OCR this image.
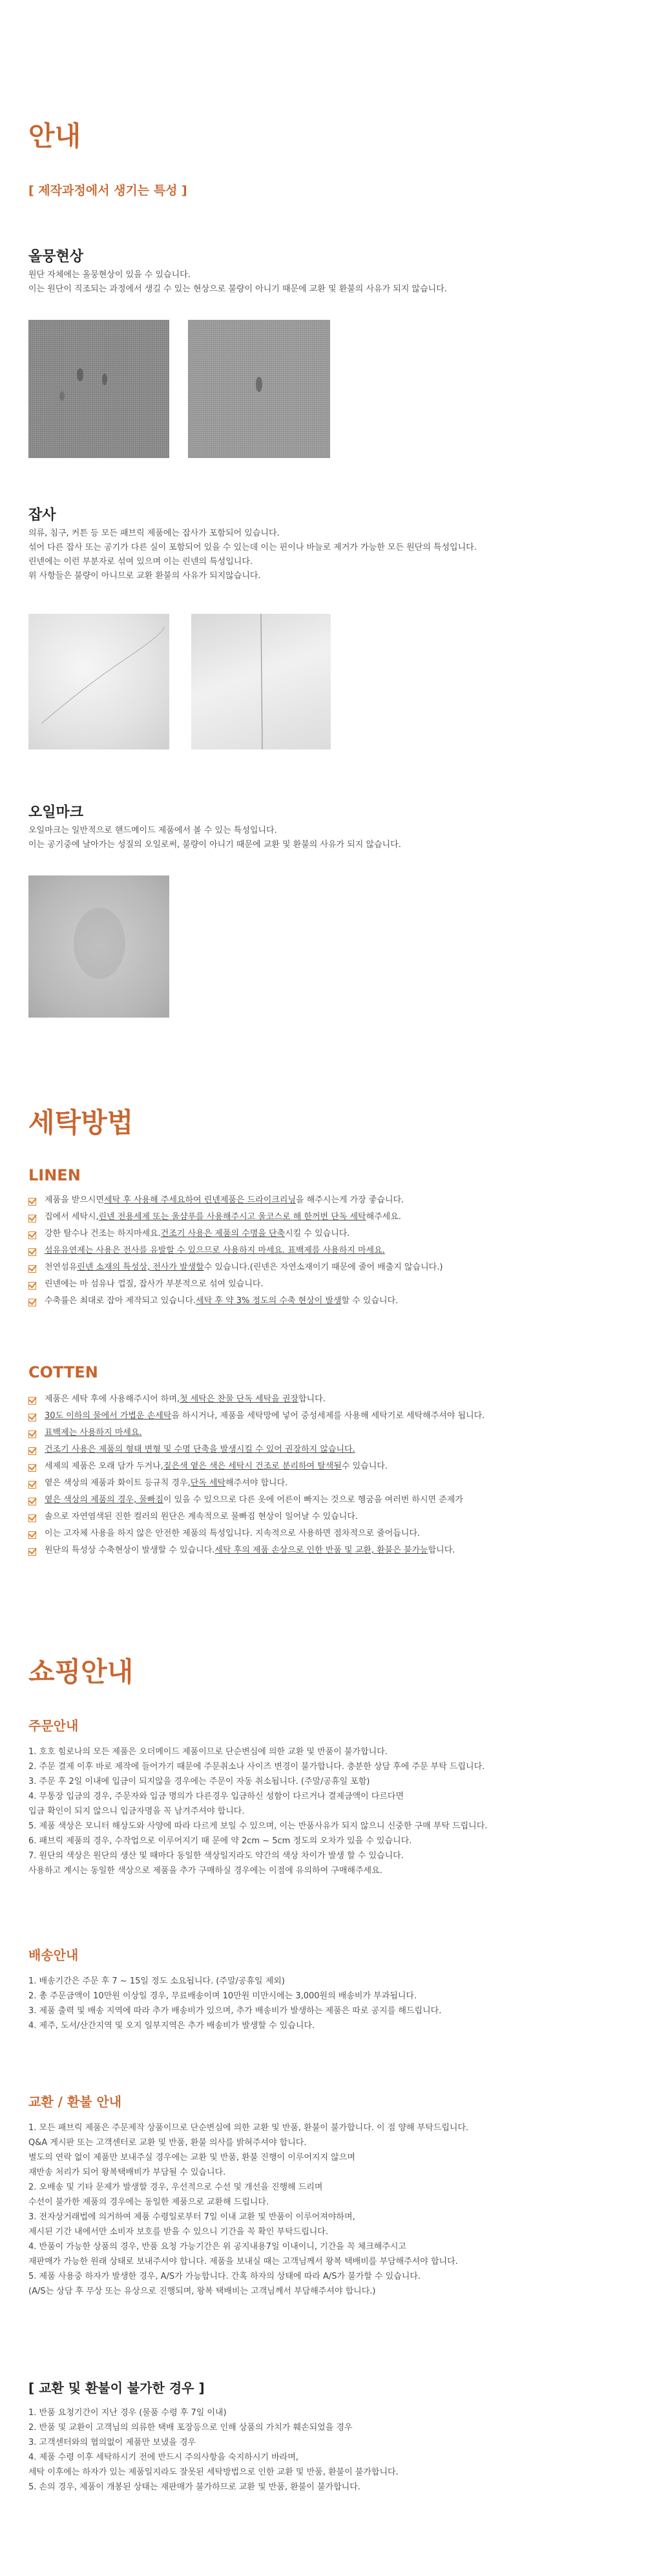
안내
[ 제작과정에서 생기는 특성 ]
올뭉현상
원단 자체에는 올뭉현상이 있을 수 있습니다.
이는 원단이 직조되는 과정에서 생길 수 있는 현상으로 불량이 아니기 때문에 교환 및 환불의 사유가 되지 않습니다.
잡사
의류, 침구, 커튼 등 모든 패브릭 제품에는 잡사가 포함되어 있습니다.
섞어 다른 잡사 또는 공기가 다른 실이 포함되어 있을 수 있는데 이는 핀이나 바늘로 제거가 가능한 모든 원단의 특성입니다.
린넨에는 이런 부분자로 섞여 있으며 이는 린넨의 특성입니다.
위 사항들은 불량이 아니므로 교환 환불의 사유가 되지않습니다.
오일마크
오일마크는 일반적으로 핸드메이드 제품에서 볼 수 있는 특성입니다.
이는 공기중에 날아가는 성질의 오일로써, 불량이 아니기 때문에 교환 및 환불의 사유가 되지 않습니다.
세탁방법
LINEN
제품을 받으시면 세탁 후 사용해 주세요하여 린넨제품은 드라이크리닝 을 해주시는게 가장 좋습니다.
집에서 세탁시, 린넨 전용세제 또는 울샴푸를 사용해주시고 울코스로 해 한꺼번 단독 세탁 해주세요.
강한 탈수나 건조는 하지마세요. 건조기 사용은 제품의 수명을 단축 시킬 수 있습니다.
섬유유연제는 사용은 전사를 유발할 수 있으므로 사용하지 마세요. 표백제를 사용하지 마세요.
천연섬유 린넨 소재의 특성상, 전사가 발생할 수 있습니다.(린넨은 자연소재이기 때문에 줄어 배출지 않습니다.)
린넨에는 마 섬유나 껍질, 잡사가 부분적으로 섞여 있습니다.
수축률은 최대로 잡아 제작되고 있습니다. 세탁 후 약 3% 정도의 수축 현상이 발생 할 수 있습니다.
COTTEN
제품은 세탁 후에 사용해주시어 하며, 첫 세탁은 찬물 단독 세탁을 권장 합니다.
30도 이하의 물에서 가볍운 손세탁 을 하시거나, 제품을 세탁망에 넣어 중성세제를 사용해 세탁기로 세탁해주셔야 됩니다.
표백제는 사용하지 마세요.
건조기 사용은 제품의 형태 변형 및 수명 단축을 발생시킬 수 있어 권장하지 않습니다.
세제의 제품은 오래 담가 두거나, 짙은색 옅은 색은 세탁시 건조로 분리하여 탈색될 수 있습니다.
옅은 색상의 제품과 화이트 등규칙 경우, 단독 세탁 해주셔야 합니다.
옅은 색상의 제품의 경우, 물빠짐 이 있을 수 있으므로 다른 옷에 어른이 빠지는 것으로 헹굼을 여러번 하시면 준제가
솔으로 자연염색된 진한 컬러의 원단은 계속적으로 물빠짐 현상이 일어날 수 있습니다.
이는 고자체 사용을 하지 않은 안전한 제품의 특성입니다. 지속적으로 사용하면 점차적으로 줄어듭니다.
원단의 특성상 수축현상이 발생할 수 있습니다. 세탁 후의 제품 손상으로 인한 반품 및 교환, 환불은 불가능 합니다.
쇼핑안내
주문안내
1. 호호 힘로나의 모든 제품은 오더메이드 제품이므로 단순변심에 의한 교환 및 반품이 불가합니다.
2. 주문 결제 이후 바로 제작에 들어가기 때문에 주문취소나 사이즈 변경이 불가합니다. 충분한 상담 후에 주문 부탁 드립니다.
3. 주문 후 2일 이내에 입금이 되지않을 경우에는 주문이 자동 취소됩니다. (주말/공휴일 포함)
4. 무통장 입금의 경우, 주문자와 입금 명의가 다른경우 입금하신 성함이 다르거나 결제금액이 다르다면
입금 확인이 되지 않으니 입금자명을 꼭 남겨주셔야 합니다.
5. 제품 색상은 모니터 해상도와 사양에 따라 다르게 보일 수 있으며, 이는 반품사유가 되지 않으니 신중한 구매 부탁 드립니다.
6. 패브릭 제품의 경우, 수작업으로 이루어지기 때 문에 약 2cm ~ 5cm 정도의 오차가 있을 수 있습니다.
7. 원단의 색상은 원단의 생산 및 때마다 동일한 색상일지라도 약간의 색상 차이가 발생 할 수 있습니다.
사용하고 계시는 동일한 색상으로 제품을 추가 구매하실 경우에는 이점에 유의하여 구매해주세요.
배송안내
1. 배송기간은 주문 후 7 ~ 15일 정도 소요됩니다. (주말/공휴일 제외)
2. 총 주문금액이 10만원 이상일 경우, 무료배송이며 10만원 미만시에는 3,000원의 배송비가 부과됩니다.
3. 제품 출력 및 배송 지역에 따라 추가 배송비가 있으며, 추가 배송비가 발생하는 제품은 따로 공지를 해드립니다.
4. 제주, 도서/산간지역 및 오지 일부지역은 추가 배송비가 발생할 수 있습니다.
교환 / 환불 안내
1. 모든 패브릭 제품은 주문제작 상품이므로 단순변심에 의한 교환 및 반품, 환불이 불가합니다. 이 점 양해 부탁드립니다.
Q&A 게시판 또는 고객센터로 교환 및 반품, 환불 의사를 밝혀주셔야 합니다.
별도의 연락 없이 제품만 보내주실 경우에는 교환 및 반품, 환불 진행이 이루어지지 않으며
재반송 처리가 되어 왕복택배비가 부담될 수 있습니다.
2. 오배송 및 기타 문제가 발생할 경우, 우선적으로 수선 및 개선을 진행해 드리며
수선이 불가한 제품의 경우에는 동일한 제품으로 교환해 드립니다.
3. 전자상거래법에 의거하여 제품 수령일로부터 7일 이내 교환 및 반품이 이루어져야하며,
제시된 기간 내에서만 소비자 보호를 받을 수 있으니 기간을 꼭 확인 부탁드립니다.
4. 반품이 가능한 상품의 경우, 반품 요청 가능기간은 위 공지내용7일 이내이니, 기간을 꼭 체크해주시고
재판매가 가능한 원래 상태로 보내주셔야 합니다. 제품을 보내실 때는 고객님께서 왕복 택배비를 부담해주셔야 합니다.
5. 제품 사용중 하자가 발생한 경우, A/S가 가능합니다. 간혹 하자의 상태에 따라 A/S가 불가할 수 있습니다.
(A/S는 상담 후 무상 또는 유상으로 진행되며, 왕복 택배비는 고객님께서 부담해주셔야 합니다.)
[ 교환 및 환불이 불가한 경우 ]
1. 반품 요청기간이 지난 경우 (물품 수령 후 7일 이내)
2. 반품 및 교환이 고객님의 의류한 택배 포장등으로 인해 상품의 가치가 훼손되었을 경우
3. 고객센터와의 협의없이 제품만 보냈을 경우
4. 제품 수령 이후 세탁하시기 전에 반드시 주의사항을 숙지하시기 바라며,
세탁 이후에는 하자가 있는 제품일지라도 잘못된 세탁방법으로 인한 교환 및 반품, 환불이 불가합니다.
5. 손의 경우, 제품이 개봉된 상태는 재판매가 불가하므로 교환 및 반품, 환불이 불가합니다.
